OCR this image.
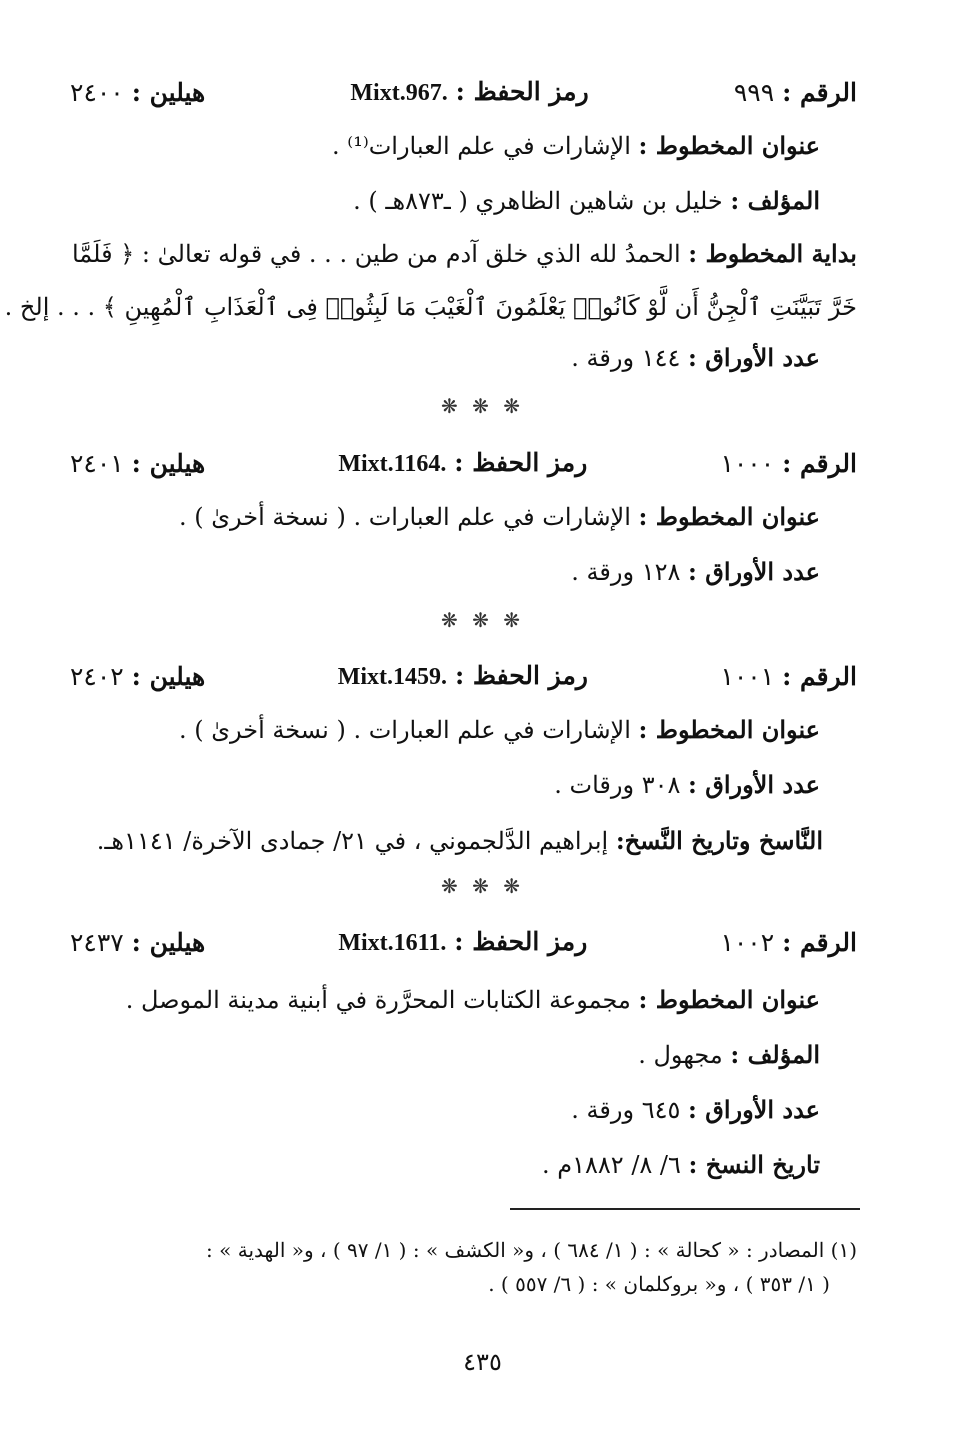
الرقم : ٩٩٩
رمز الحفظ : Mixt.967.
هيلين : ٢٤٠٠
عنوان المخطوط : الإشارات في علم العبارات⁽¹⁾ .
المؤلف : خليل بن شاهين الظاهري ( ـ٨٧٣هـ ) .
بداية المخطوط : الحمدُ لله الذي خلق آدم من طين . . . في قوله تعالىٰ : ﴿ فَلَمَّا
خَرَّ تَبَيَّنَتِ ٱلْجِنُّ أَن لَّوْ كَانُوا۟ يَعْلَمُونَ ٱلْغَيْبَ مَا لَبِثُوا۟ فِى ٱلْعَذَابِ ٱلْمُهِينِ ﴾ . . . إلخ .
عدد الأوراق : ١٤٤ ورقة .
❋ ❋ ❋
الرقم : ١٠٠٠
رمز الحفظ : Mixt.1164.
هيلين : ٢٤٠١
عنوان المخطوط : الإشارات في علم العبارات . ( نسخة أخرىٰ ) .
عدد الأوراق : ١٢٨ ورقة .
❋ ❋ ❋
الرقم : ١٠٠١
رمز الحفظ : Mixt.1459.
هيلين : ٢٤٠٢
عنوان المخطوط : الإشارات في علم العبارات . ( نسخة أخرىٰ ) .
عدد الأوراق : ٣٠٨ ورقات .
النَّاسخ وتاريخ النَّسخ: إبراهيم الدَّلجموني ، في ٢١/ جمادى الآخرة/ ١١٤١هـ.
❋ ❋ ❋
الرقم : ١٠٠٢
رمز الحفظ : Mixt.1611.
هيلين : ٢٤٣٧
عنوان المخطوط : مجموعة الكتابات المحرَّرة في أبنية مدينة الموصل .
المؤلف : مجهول .
عدد الأوراق : ٦٤٥ ورقة .
تاريخ النسخ : ٦/ ٨/ ١٨٨٢م .
(١) المصادر : « كحالة » : ( ١/ ٦٨٤ ) ، و« الكشف » : ( ١/ ٩٧ ) ، و« الهدية » :
( ١/ ٣٥٣ ) ، و« بروكلمان » : ( ٦/ ٥٥٧ ) .
٤٣٥
